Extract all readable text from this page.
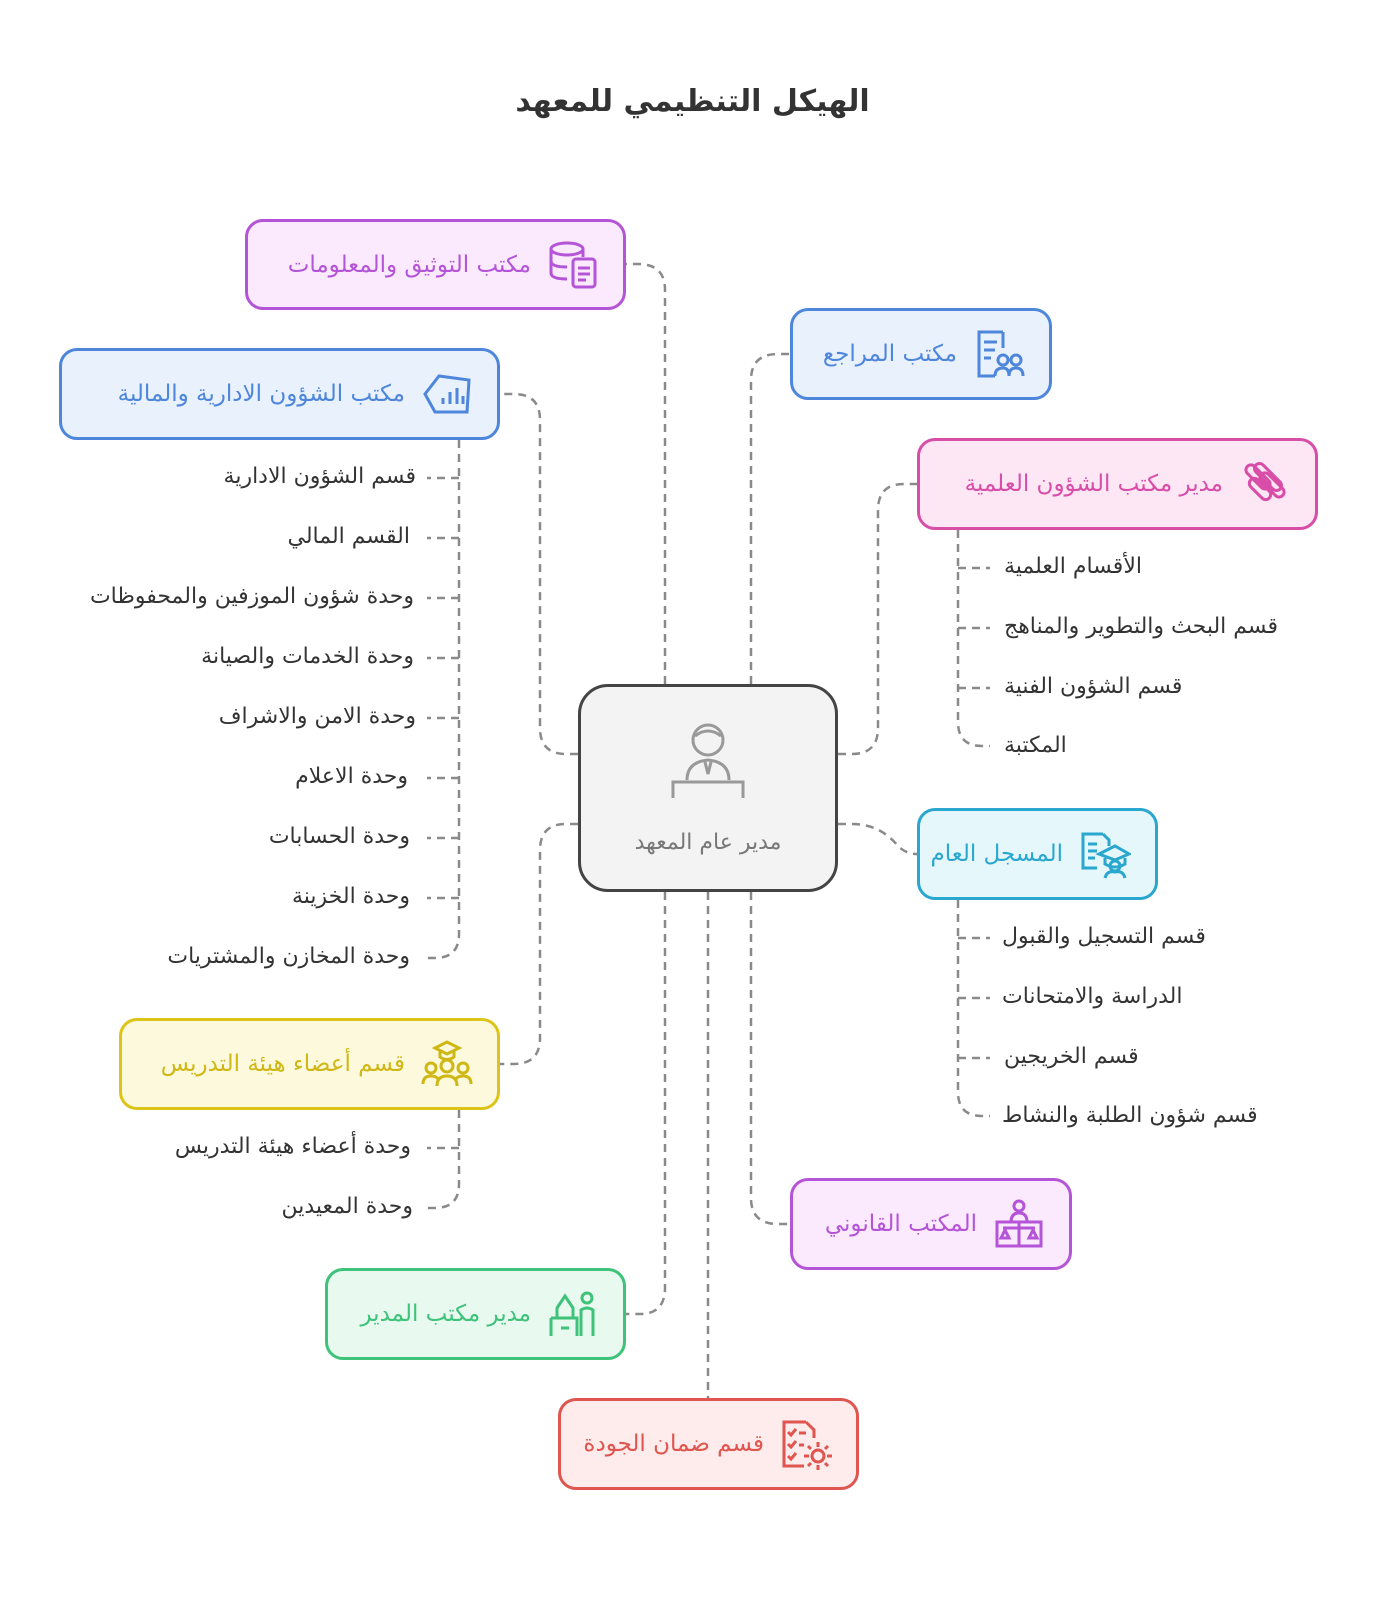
الهيكل التنظيمي للمعهد
مدير عام المعهد
مكتب التوثيق والمعلومات
مكتب المراجع
مكتب الشؤون الادارية والمالية
مدير مكتب الشؤون العلمية
المسجل العام
قسم أعضاء هيئة التدريس
المكتب القانوني
مدير مكتب المدير
قسم ضمان الجودة
قسم الشؤون الادارية
القسم المالي
وحدة شؤون الموزفين والمحفوظات
وحدة الخدمات والصيانة
وحدة الامن والاشراف
وحدة الاعلام
وحدة الحسابات
وحدة الخزينة
وحدة المخازن والمشتريات
الأقسام العلمية
قسم البحث والتطوير والمناهج
قسم الشؤون الفنية
المكتبة
قسم التسجيل والقبول
الدراسة والامتحانات
قسم الخريجين
قسم شؤون الطلبة والنشاط
وحدة أعضاء هيئة التدريس
وحدة المعيدين
